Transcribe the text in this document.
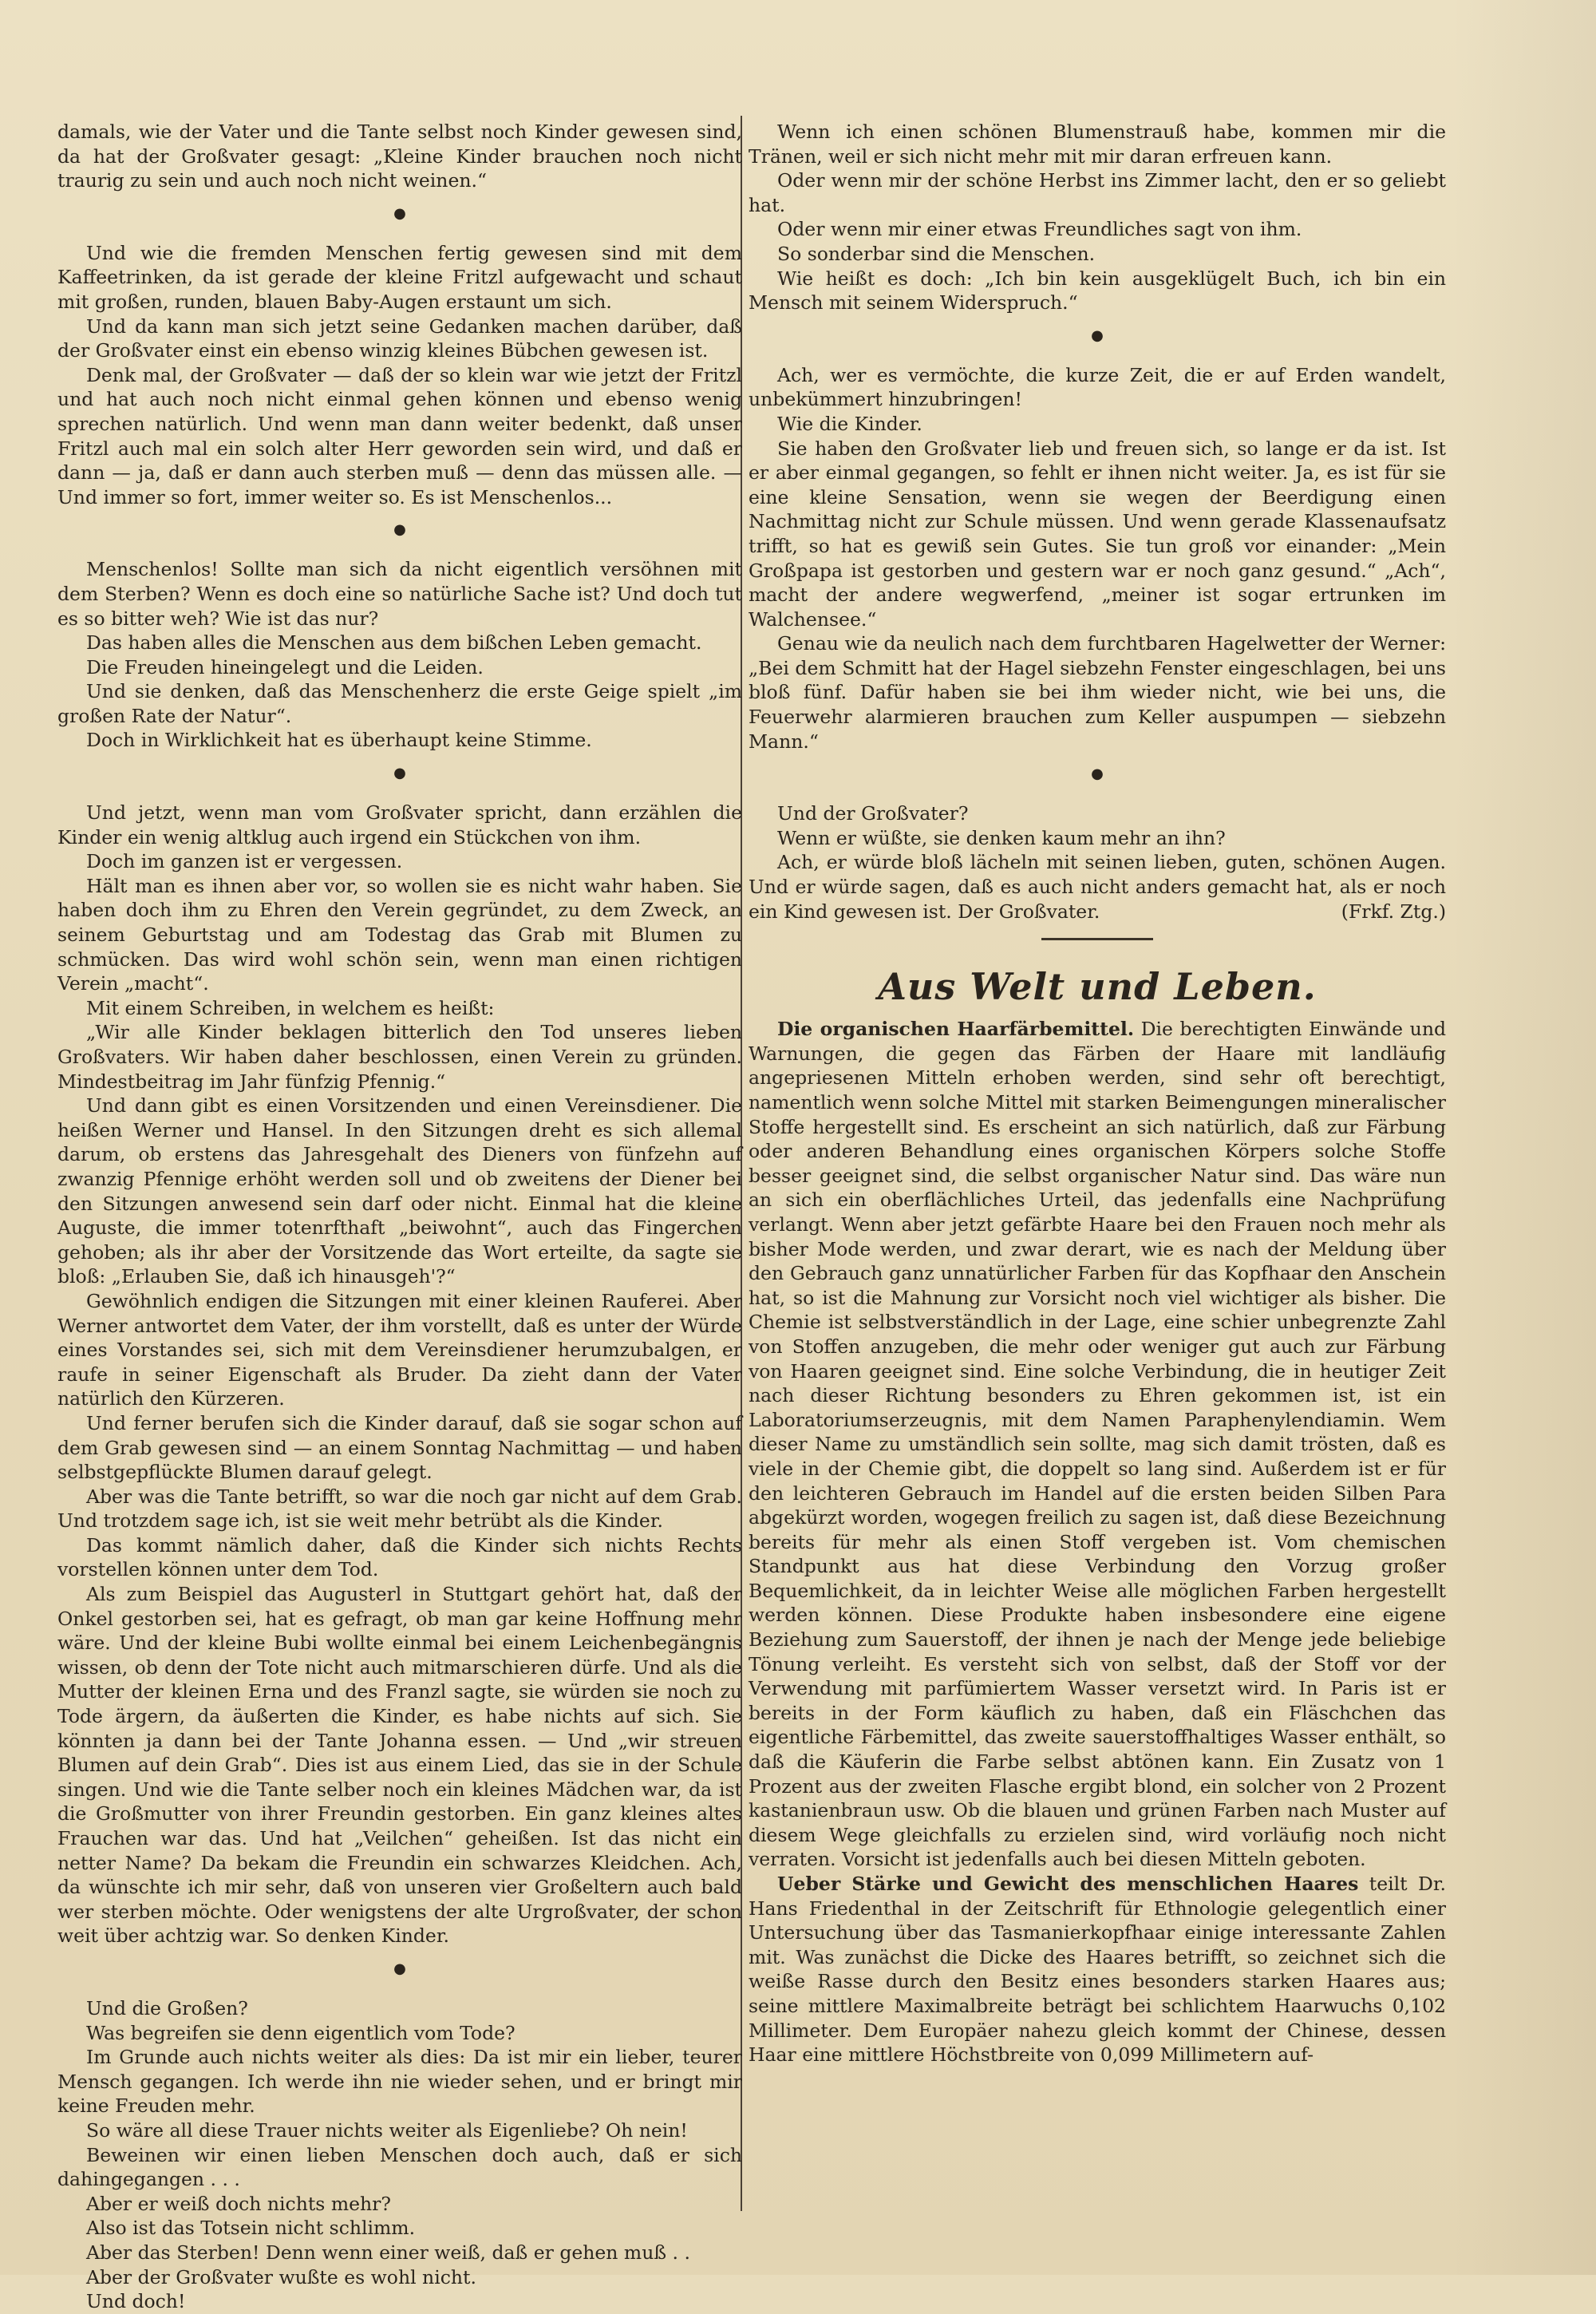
damals, wie der Vater und die Tante selbst noch Kinder gewesen sind, da hat der Großvater gesagt: „Kleine Kinder brauchen noch nicht traurig zu sein und auch noch nicht weinen.“

●

Und wie die fremden Menschen fertig gewesen sind mit dem Kaffeetrinken, da ist gerade der kleine Fritzl aufgewacht und schaut mit großen, runden, blauen Baby-Augen erstaunt um sich.

Und da kann man sich jetzt seine Gedanken machen darüber, daß der Großvater einst ein ebenso winzig kleines Bübchen gewesen ist.

Denk mal, der Großvater — daß der so klein war wie jetzt der Fritzl und hat auch noch nicht einmal gehen können und ebenso wenig sprechen natürlich. Und wenn man dann weiter bedenkt, daß unser Fritzl auch mal ein solch alter Herr geworden sein wird, und daß er dann — ja, daß er dann auch sterben muß — denn das müssen alle. — Und immer so fort, immer weiter so. Es ist Menschenlos...

●

Menschenlos! Sollte man sich da nicht eigentlich versöhnen mit dem Sterben? Wenn es doch eine so natürliche Sache ist? Und doch tut es so bitter weh? Wie ist das nur?

Das haben alles die Menschen aus dem bißchen Leben gemacht.

Die Freuden hineingelegt und die Leiden.

Und sie denken, daß das Menschenherz die erste Geige spielt „im großen Rate der Natur“.

Doch in Wirklichkeit hat es überhaupt keine Stimme.

●

Und jetzt, wenn man vom Großvater spricht, dann erzählen die Kinder ein wenig altklug auch irgend ein Stückchen von ihm.

Doch im ganzen ist er vergessen.

Hält man es ihnen aber vor, so wollen sie es nicht wahr haben. Sie haben doch ihm zu Ehren den Verein gegründet, zu dem Zweck, an seinem Geburtstag und am Todestag das Grab mit Blumen zu schmücken. Das wird wohl schön sein, wenn man einen richtigen Verein „macht“.

Mit einem Schreiben, in welchem es heißt:

„Wir alle Kinder beklagen bitterlich den Tod unseres lieben Großvaters. Wir haben daher beschlossen, einen Verein zu gründen. Mindestbeitrag im Jahr fünfzig Pfennig.“

Und dann gibt es einen Vorsitzenden und einen Vereinsdiener. Die heißen Werner und Hansel. In den Sitzungen dreht es sich allemal darum, ob erstens das Jahresgehalt des Dieners von fünfzehn auf zwanzig Pfennige erhöht werden soll und ob zweitens der Diener bei den Sitzungen anwesend sein darf oder nicht. Einmal hat die kleine Auguste, die immer totenrfthaft „beiwohnt“, auch das Fingerchen gehoben; als ihr aber der Vorsitzende das Wort erteilte, da sagte sie bloß: „Erlauben Sie, daß ich hinausgeh'?“

Gewöhnlich endigen die Sitzungen mit einer kleinen Rauferei. Aber Werner antwortet dem Vater, der ihm vorstellt, daß es unter der Würde eines Vorstandes sei, sich mit dem Vereinsdiener herumzubalgen, er raufe in seiner Eigenschaft als Bruder. Da zieht dann der Vater natürlich den Kürzeren.

Und ferner berufen sich die Kinder darauf, daß sie sogar schon auf dem Grab gewesen sind — an einem Sonntag Nachmittag — und haben selbstgepflückte Blumen darauf gelegt.

Aber was die Tante betrifft, so war die noch gar nicht auf dem Grab. Und trotzdem sage ich, ist sie weit mehr betrübt als die Kinder.

Das kommt nämlich daher, daß die Kinder sich nichts Rechts vorstellen können unter dem Tod.

Als zum Beispiel das Augusterl in Stuttgart gehört hat, daß der Onkel gestorben sei, hat es gefragt, ob man gar keine Hoffnung mehr wäre. Und der kleine Bubi wollte einmal bei einem Leichenbegängnis wissen, ob denn der Tote nicht auch mitmarschieren dürfe. Und als die Mutter der kleinen Erna und des Franzl sagte, sie würden sie noch zu Tode ärgern, da äußerten die Kinder, es habe nichts auf sich. Sie könnten ja dann bei der Tante Johanna essen. — Und „wir streuen Blumen auf dein Grab“. Dies ist aus einem Lied, das sie in der Schule singen. Und wie die Tante selber noch ein kleines Mädchen war, da ist die Großmutter von ihrer Freundin gestorben. Ein ganz kleines altes Frauchen war das. Und hat „Veilchen“ geheißen. Ist das nicht ein netter Name? Da bekam die Freundin ein schwarzes Kleidchen. Ach, da wünschte ich mir sehr, daß von unseren vier Großeltern auch bald wer sterben möchte. Oder wenigstens der alte Urgroßvater, der schon weit über achtzig war. So denken Kinder.

●

Und die Großen?

Was begreifen sie denn eigentlich vom Tode?

Im Grunde auch nichts weiter als dies: Da ist mir ein lieber, teurer Mensch gegangen. Ich werde ihn nie wieder sehen, und er bringt mir keine Freuden mehr.

So wäre all diese Trauer nichts weiter als Eigenliebe? Oh nein!

Beweinen wir einen lieben Menschen doch auch, daß er sich dahingegangen . . .

Aber er weiß doch nichts mehr?

Also ist das Totsein nicht schlimm.

Aber das Sterben! Denn wenn einer weiß, daß er gehen muß . .

Aber der Großvater wußte es wohl nicht.

Und doch!

Wenn ich einen schönen Blumenstrauß habe, kommen mir die Tränen, weil er sich nicht mehr mit mir daran erfreuen kann.

Oder wenn mir der schöne Herbst ins Zimmer lacht, den er so geliebt hat.

Oder wenn mir einer etwas Freundliches sagt von ihm.

So sonderbar sind die Menschen.

Wie heißt es doch: „Ich bin kein ausgeklügelt Buch, ich bin ein Mensch mit seinem Widerspruch.“

●

Ach, wer es vermöchte, die kurze Zeit, die er auf Erden wandelt, unbekümmert hinzubringen!

Wie die Kinder.

Sie haben den Großvater lieb und freuen sich, so lange er da ist. Ist er aber einmal gegangen, so fehlt er ihnen nicht weiter. Ja, es ist für sie eine kleine Sensation, wenn sie wegen der Beerdigung einen Nachmittag nicht zur Schule müssen. Und wenn gerade Klassenaufsatz trifft, so hat es gewiß sein Gutes. Sie tun groß vor einander: „Mein Großpapa ist gestorben und gestern war er noch ganz gesund.“ „Ach“, macht der andere wegwerfend, „meiner ist sogar ertrunken im Walchensee.“

Genau wie da neulich nach dem furchtbaren Hagelwetter der Werner: „Bei dem Schmitt hat der Hagel siebzehn Fenster eingeschlagen, bei uns bloß fünf. Dafür haben sie bei ihm wieder nicht, wie bei uns, die Feuerwehr alarmieren brauchen zum Keller auspumpen — siebzehn Mann.“

●

Und der Großvater?

Wenn er wüßte, sie denken kaum mehr an ihn?

Ach, er würde bloß lächeln mit seinen lieben, guten, schönen Augen. Und er würde sagen, daß es auch nicht anders gemacht hat, als er noch ein Kind gewesen ist. Der Großvater.	(Frkf. Ztg.)

Aus Welt und Leben.

Die organischen Haarfärbemittel. Die berechtigten Einwände und Warnungen, die gegen das Färben der Haare mit landläufig angepriesenen Mitteln erhoben werden, sind sehr oft berechtigt, namentlich wenn solche Mittel mit starken Beimengungen mineralischer Stoffe hergestellt sind. Es erscheint an sich natürlich, daß zur Färbung oder anderen Behandlung eines organischen Körpers solche Stoffe besser geeignet sind, die selbst organischer Natur sind. Das wäre nun an sich ein oberflächliches Urteil, das jedenfalls eine Nachprüfung verlangt. Wenn aber jetzt gefärbte Haare bei den Frauen noch mehr als bisher Mode werden, und zwar derart, wie es nach der Meldung über den Gebrauch ganz unnatürlicher Farben für das Kopfhaar den Anschein hat, so ist die Mahnung zur Vorsicht noch viel wichtiger als bisher. Die Chemie ist selbstverständlich in der Lage, eine schier unbegrenzte Zahl von Stoffen anzugeben, die mehr oder weniger gut auch zur Färbung von Haaren geeignet sind. Eine solche Verbindung, die in heutiger Zeit nach dieser Richtung besonders zu Ehren gekommen ist, ist ein Laboratoriumserzeugnis, mit dem Namen Paraphenylendiamin. Wem dieser Name zu umständlich sein sollte, mag sich damit trösten, daß es viele in der Chemie gibt, die doppelt so lang sind. Außerdem ist er für den leichteren Gebrauch im Handel auf die ersten beiden Silben Para abgekürzt worden, wogegen freilich zu sagen ist, daß diese Bezeichnung bereits für mehr als einen Stoff vergeben ist. Vom chemischen Standpunkt aus hat diese Verbindung den Vorzug großer Bequemlichkeit, da in leichter Weise alle möglichen Farben hergestellt werden können. Diese Produkte haben insbesondere eine eigene Beziehung zum Sauerstoff, der ihnen je nach der Menge jede beliebige Tönung verleiht. Es versteht sich von selbst, daß der Stoff vor der Verwendung mit parfümiertem Wasser versetzt wird. In Paris ist er bereits in der Form käuflich zu haben, daß ein Fläschchen das eigentliche Färbemittel, das zweite sauerstoffhaltiges Wasser enthält, so daß die Käuferin die Farbe selbst abtönen kann. Ein Zusatz von 1 Prozent aus der zweiten Flasche ergibt blond, ein solcher von 2 Prozent kastanienbraun usw. Ob die blauen und grünen Farben nach Muster auf diesem Wege gleichfalls zu erzielen sind, wird vorläufig noch nicht verraten. Vorsicht ist jedenfalls auch bei diesen Mitteln geboten.

Ueber Stärke und Gewicht des menschlichen Haares teilt Dr. Hans Friedenthal in der Zeitschrift für Ethnologie gelegentlich einer Untersuchung über das Tasmanierkopfhaar einige interessante Zahlen mit. Was zunächst die Dicke des Haares betrifft, so zeichnet sich die weiße Rasse durch den Besitz eines besonders starken Haares aus; seine mittlere Maximalbreite beträgt bei schlichtem Haarwuchs 0,102 Millimeter. Dem Europäer nahezu gleich kommt der Chinese, dessen Haar eine mittlere Höchstbreite von 0,099 Millimetern auf-
